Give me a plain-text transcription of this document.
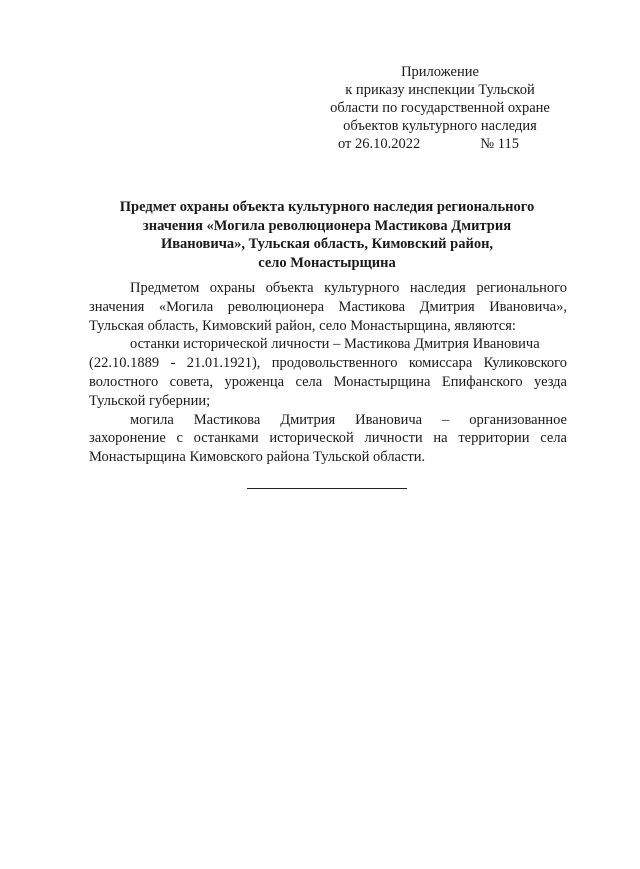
Приложение
к приказу инспекции Тульской
области по государственной охране
объектов культурного наследия
от 26.10.2022	№ 115
Предмет охраны объекта культурного наследия регионального
значения «Могила революционера Мастикова Дмитрия
Ивановича», Тульская область, Кимовский район,
село Монастырщина
Предметом охраны объекта культурного наследия регионального
значения «Могила революционера Мастикова Дмитрия Ивановича»,
Тульская область, Кимовский район, село Монастырщина, являются:
останки исторической личности – Мастикова Дмитрия Ивановича
(22.10.1889 - 21.01.1921), продовольственного комиссара Куликовского
волостного совета, уроженца села Монастырщина Епифанского уезда
Тульской губернии;
могила Мастикова Дмитрия Ивановича – организованное
захоронение с останками исторической личности на территории села
Монастырщина Кимовского района Тульской области.
